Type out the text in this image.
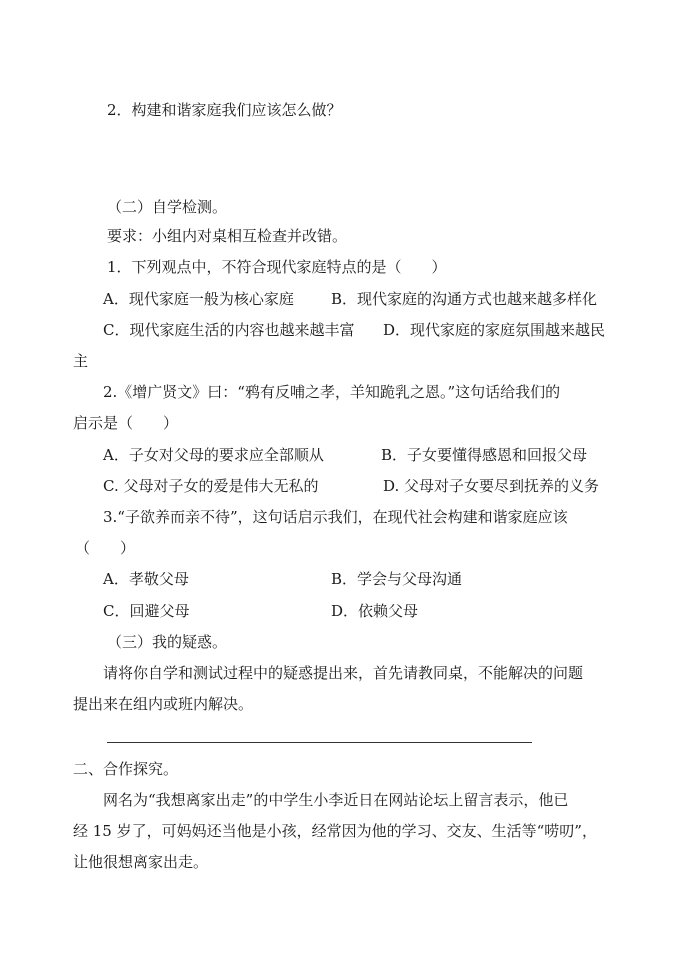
2．构建和谐家庭我们应该怎么做？
（二）自学检测。
要求：小组内对桌相互检查并改错。
1．下列观点中，不符合现代家庭特点的是（　　）
A．现代家庭一般为核心家庭 B．现代家庭的沟通方式也越来越多样化
C．现代家庭生活的内容也越来越丰富 D．现代家庭的家庭氛围越来越民
主
2.《增广贤文》曰：“鸦有反哺之孝，羊知跪乳之恩。”这句话给我们的
启示是（　　）
A．子女对父母的要求应全部顺从	B．子女要懂得感恩和回报父母
C. 父母对子女的爱是伟大无私的	D. 父母对子女要尽到抚养的义务
3.“子欲养而亲不待”，这句话启示我们，在现代社会构建和谐家庭应该
（　　）
A．孝敬父母	B．学会与父母沟通
C．回避父母	D．依赖父母
（三）我的疑惑。
请将你自学和测试过程中的疑惑提出来，首先请教同桌，不能解决的问题
提出来在组内或班内解决。
二、合作探究。
网名为“我想离家出走”的中学生小李近日在网站论坛上留言表示，他已
经 15 岁了，可妈妈还当他是小孩，经常因为他的学习、交友、生活等“唠叨”，
让他很想离家出走。
